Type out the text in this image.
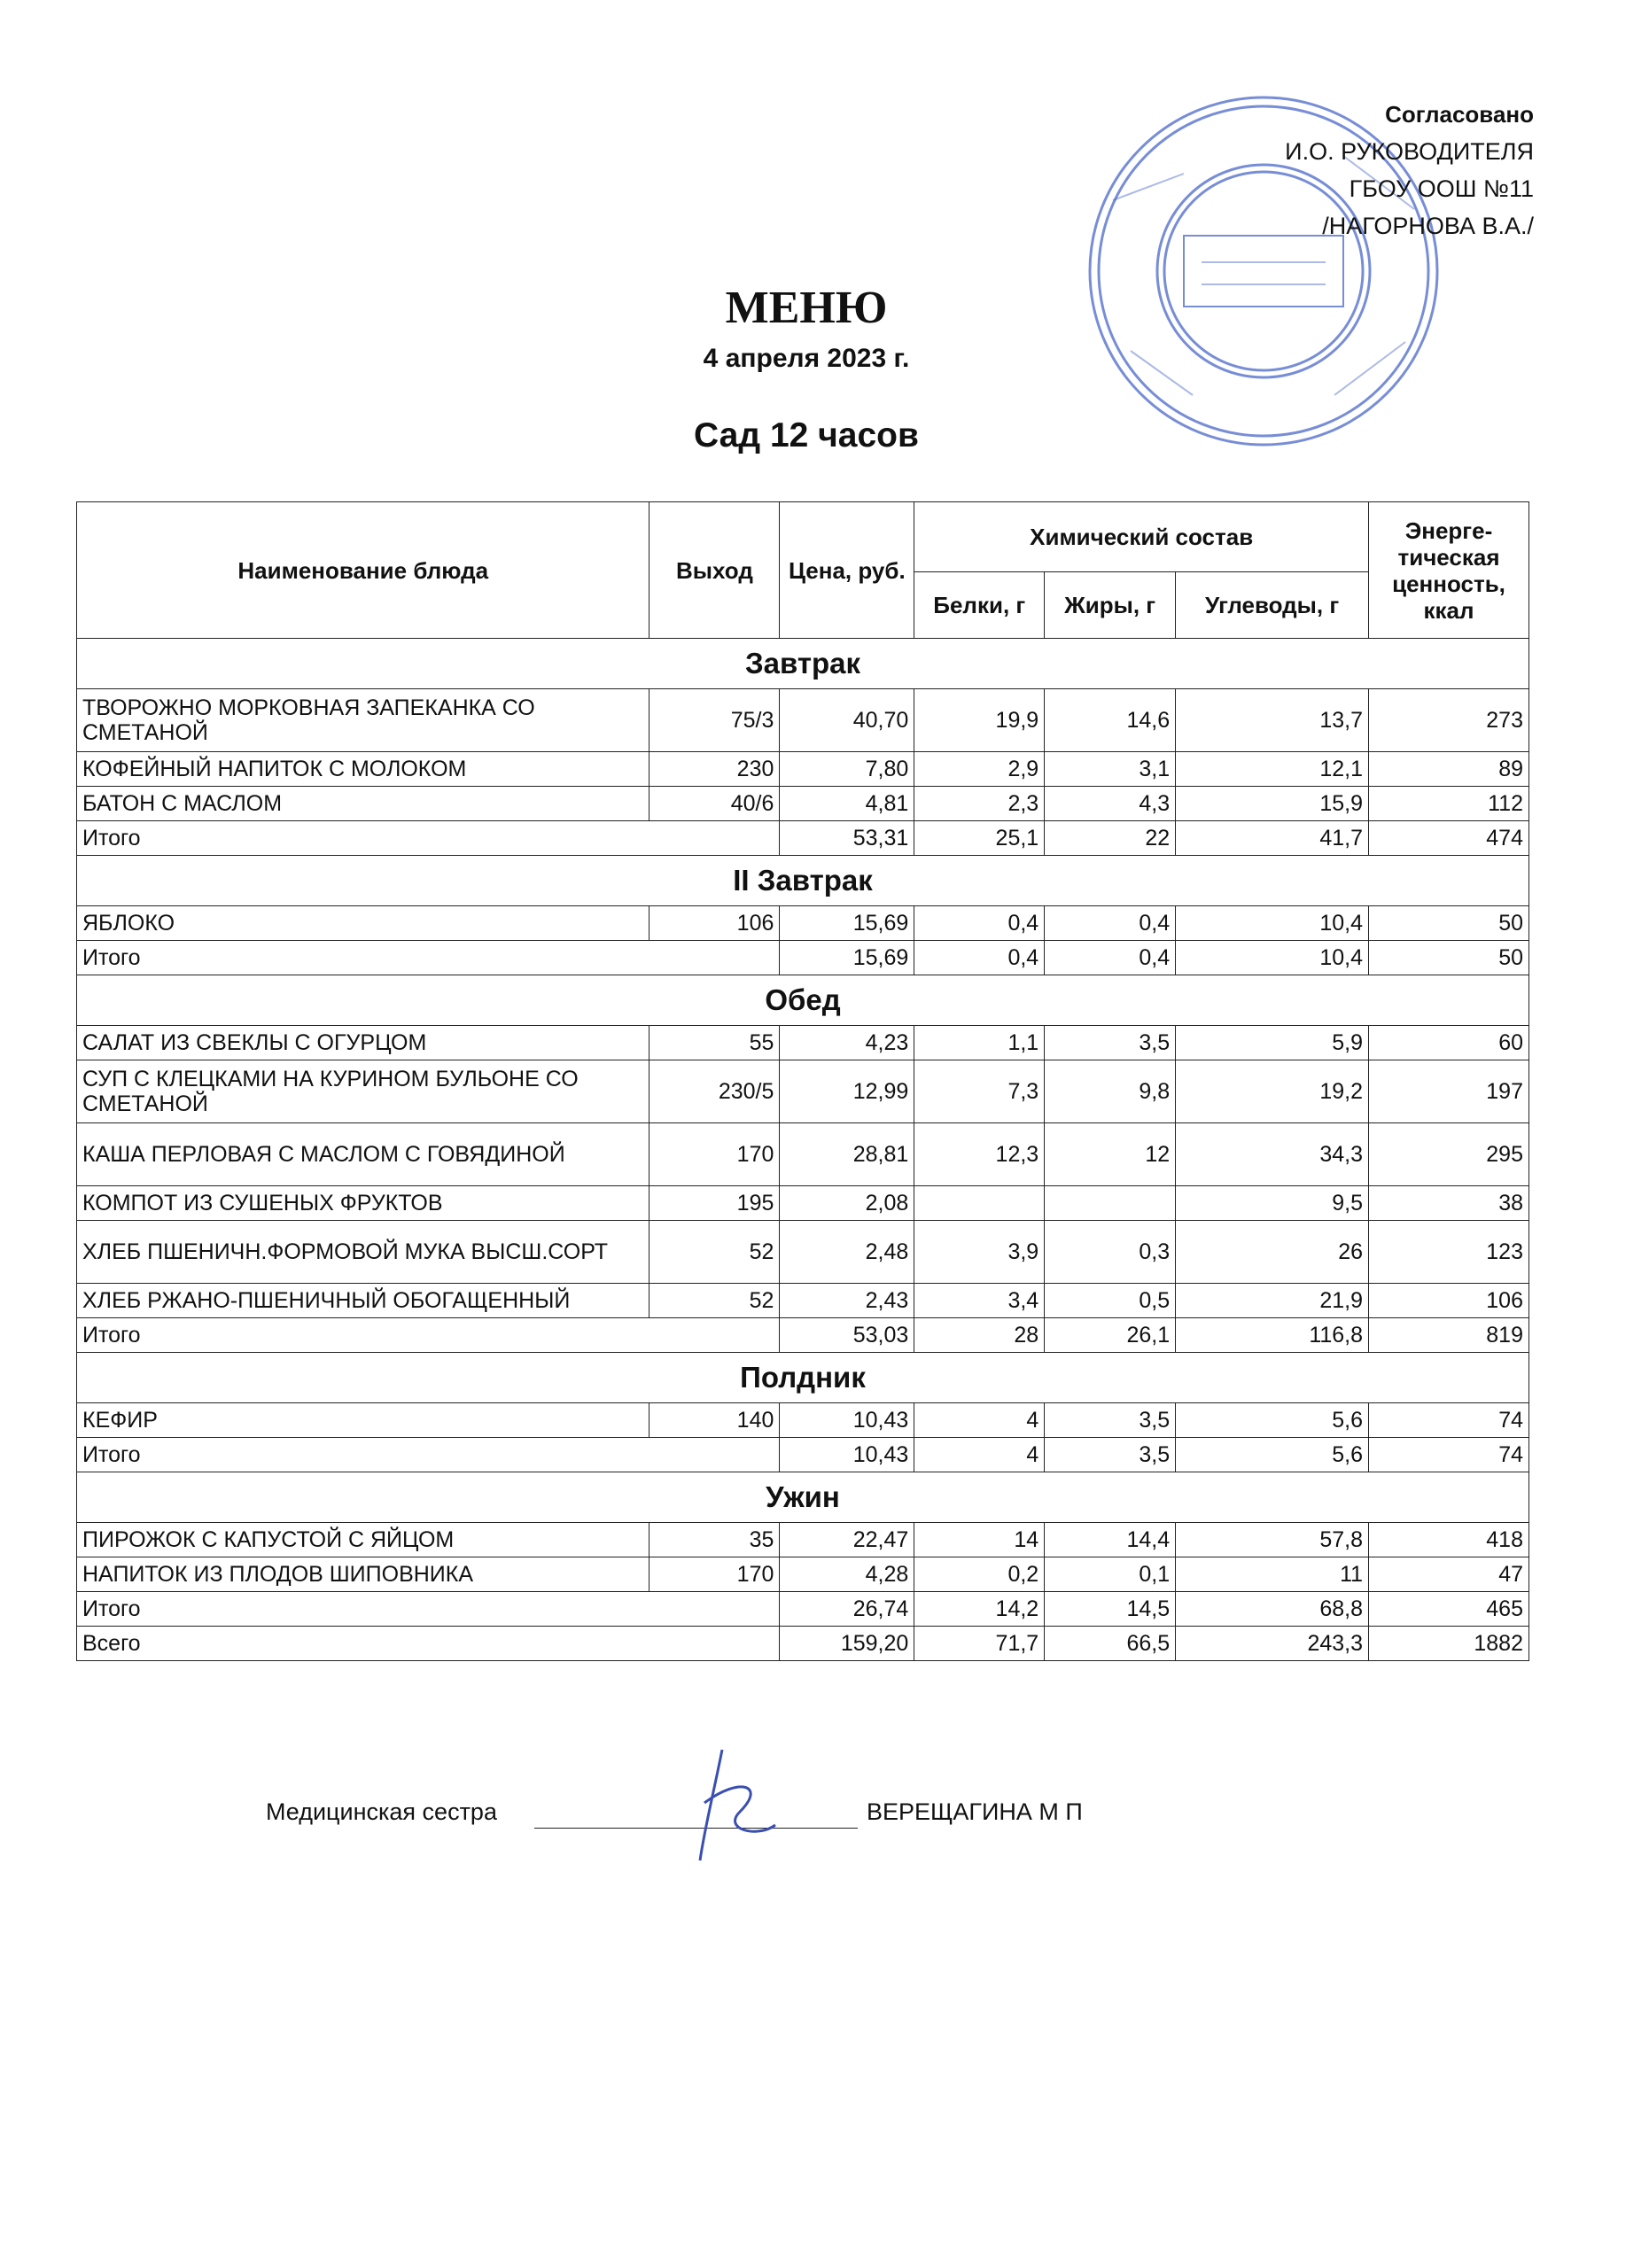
Согласовано
И.О. РУКОВОДИТЕЛЯ
ГБОУ ООШ №11
/НАГОРНОВА В.А./
МЕНЮ
4 апреля 2023 г.
Сад 12 часов
Наименование блюда	Выход	Цена, руб.	Химический состав			Энерге- тическая ценность, ккал
			Белки, г	Жиры, г	Углеводы, г	
Завтрак						
ТВОРОЖНО МОРКОВНАЯ ЗАПЕКАНКА СО СМЕТАНОЙ	75/3	40,70	19,9	14,6	13,7	273
КОФЕЙНЫЙ НАПИТОК С МОЛОКОМ	230	7,80	2,9	3,1	12,1	89
БАТОН С МАСЛОМ	40/6	4,81	2,3	4,3	15,9	112
Итого		53,31	25,1	22	41,7	474
II Завтрак						
ЯБЛОКО	106	15,69	0,4	0,4	10,4	50
Итого		15,69	0,4	0,4	10,4	50
Обед						
САЛАТ ИЗ СВЕКЛЫ С ОГУРЦОМ	55	4,23	1,1	3,5	5,9	60
СУП С КЛЕЦКАМИ НА КУРИНОМ БУЛЬОНЕ СО СМЕТАНОЙ	230/5	12,99	7,3	9,8	19,2	197
КАША ПЕРЛОВАЯ С МАСЛОМ С ГОВЯДИНОЙ	170	28,81	12,3	12	34,3	295
КОМПОТ ИЗ СУШЕНЫХ ФРУКТОВ	195	2,08			9,5	38
ХЛЕБ ПШЕНИЧН.ФОРМОВОЙ МУКА ВЫСШ.СОРТ	52	2,48	3,9	0,3	26	123
ХЛЕБ РЖАНО-ПШЕНИЧНЫЙ ОБОГАЩЕННЫЙ	52	2,43	3,4	0,5	21,9	106
Итого		53,03	28	26,1	116,8	819
Полдник						
КЕФИР	140	10,43	4	3,5	5,6	74
Итого		10,43	4	3,5	5,6	74
Ужин						
ПИРОЖОК С КАПУСТОЙ С ЯЙЦОМ	35	22,47	14	14,4	57,8	418
НАПИТОК ИЗ ПЛОДОВ ШИПОВНИКА	170	4,28	0,2	0,1	11	47
Итого		26,74	14,2	14,5	68,8	465
Всего		159,20	71,7	66,5	243,3	1882
Медицинская сестра	ВЕРЕЩАГИНА М П
